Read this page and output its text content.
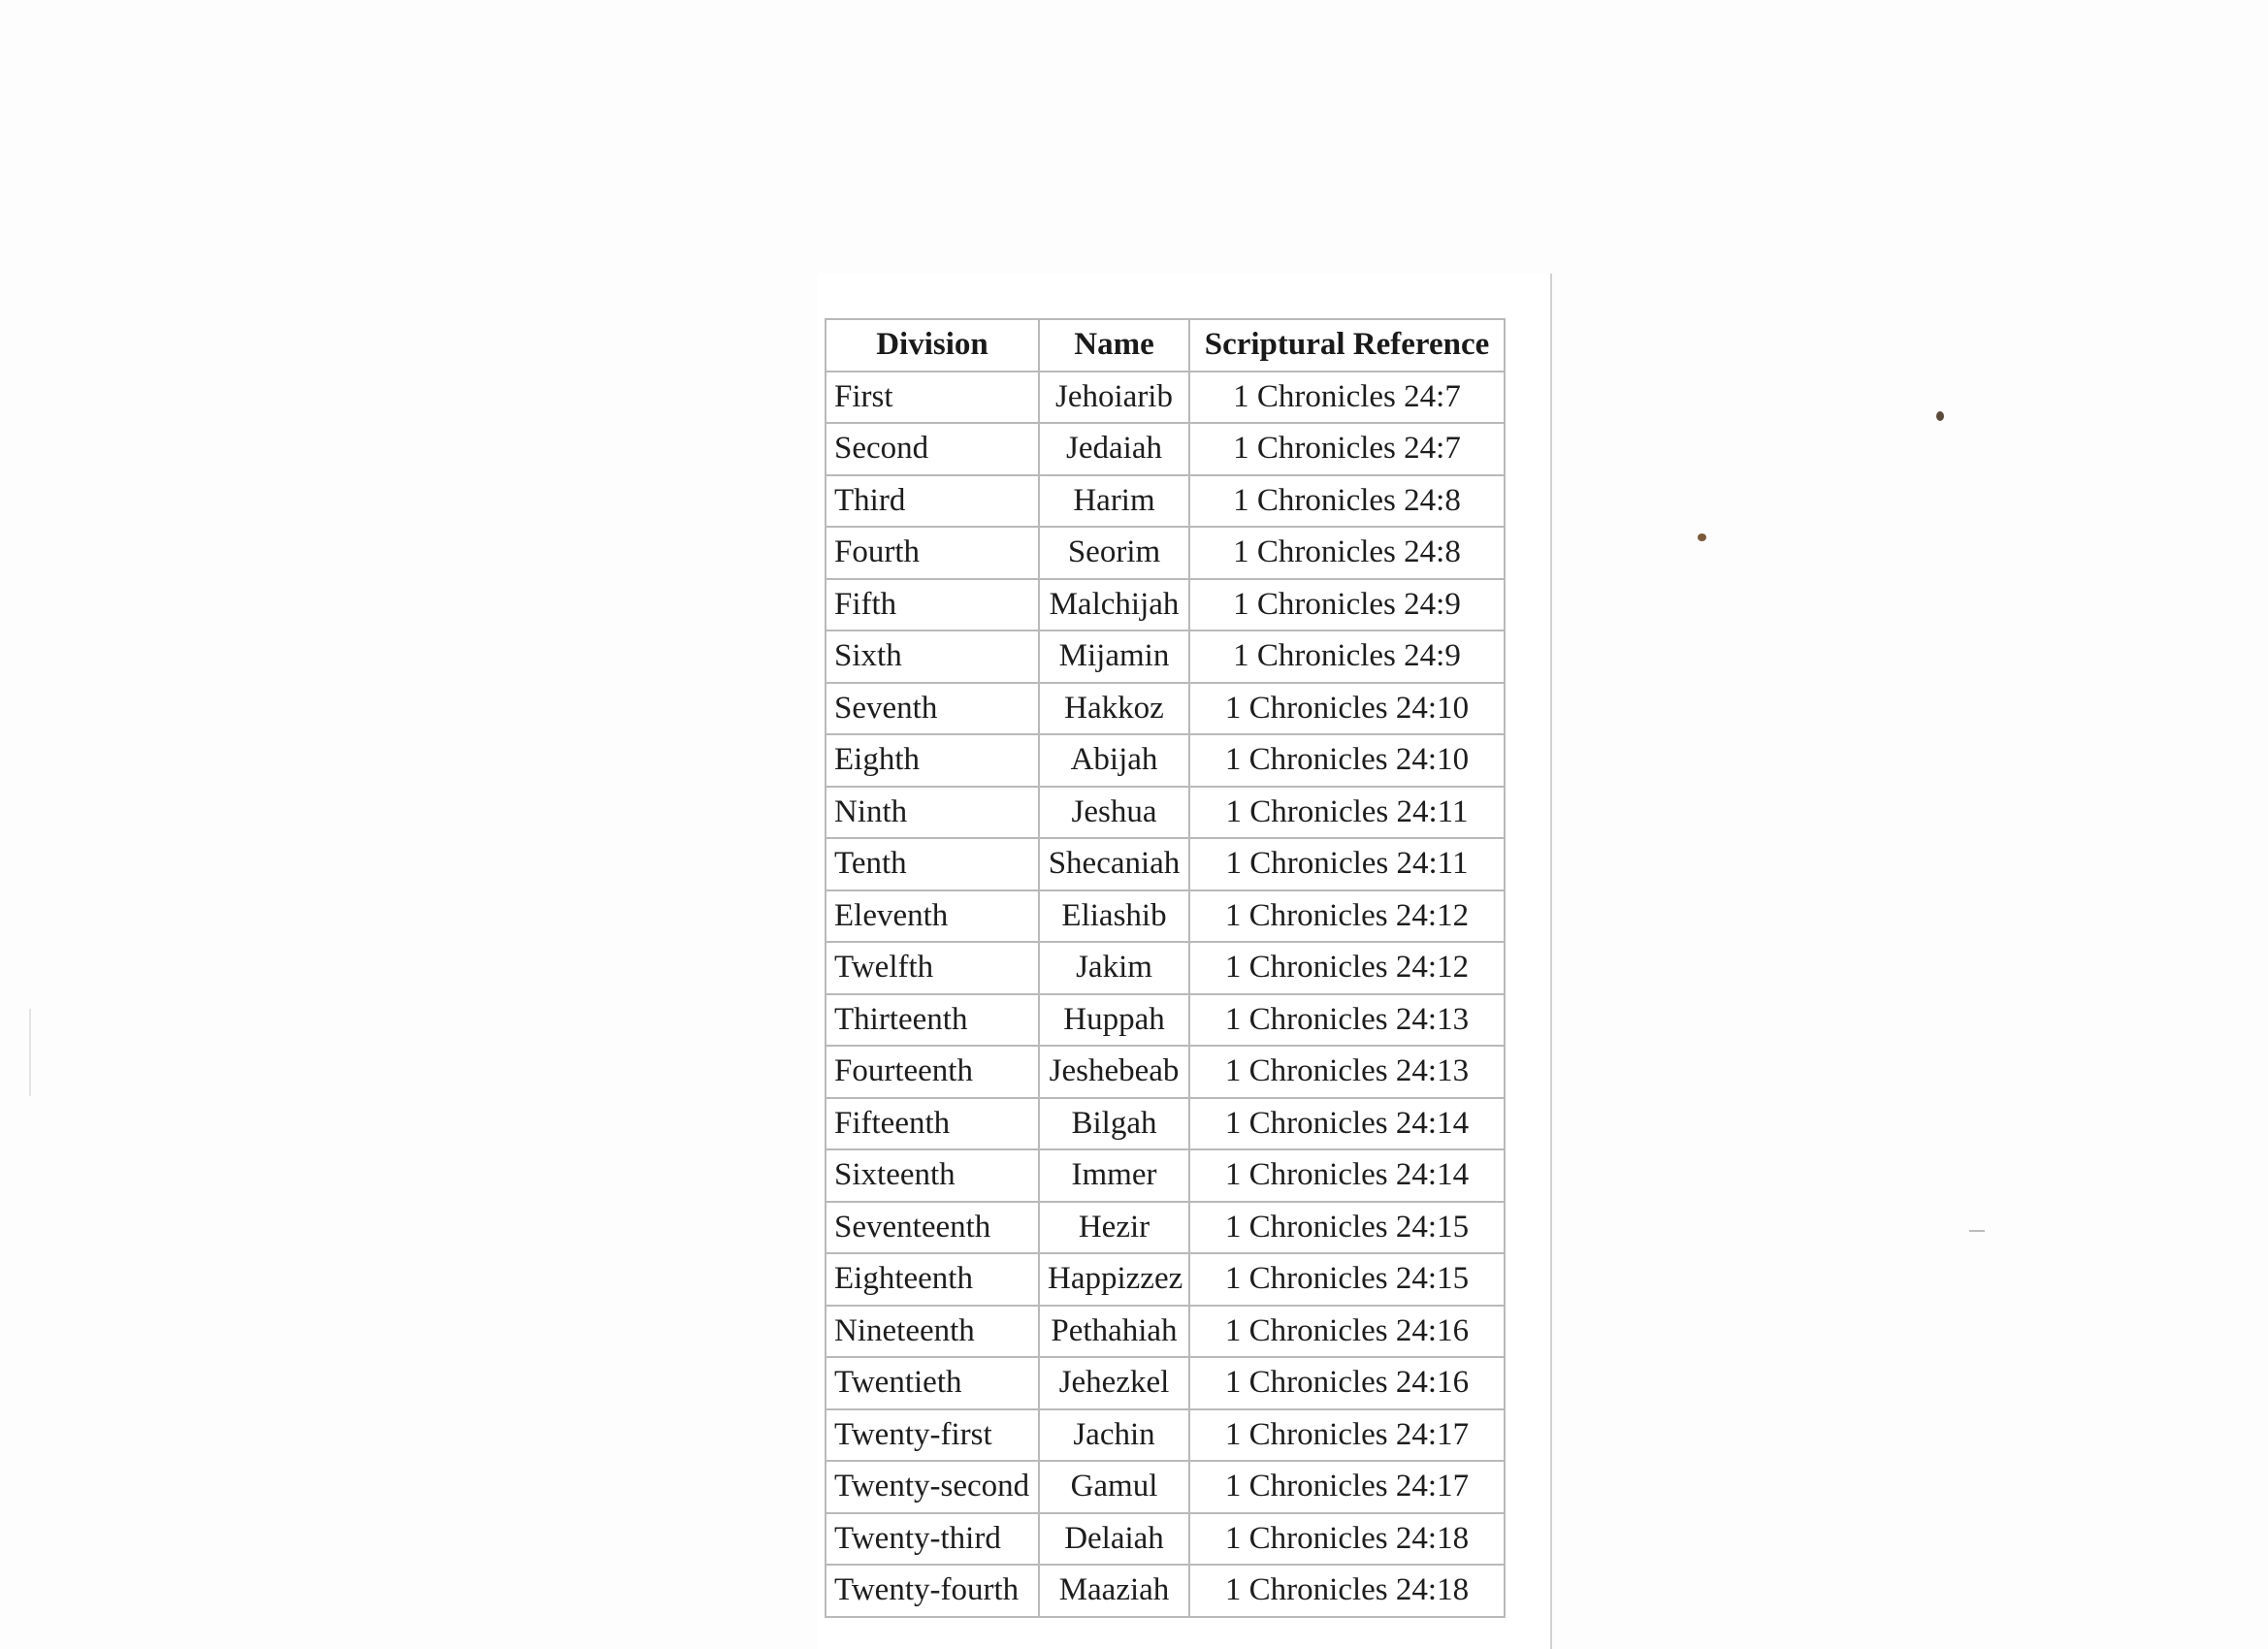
Division	Name	Scriptural Reference
First	Jehoiarib	1 Chronicles 24:7
Second	Jedaiah	1 Chronicles 24:7
Third	Harim	1 Chronicles 24:8
Fourth	Seorim	1 Chronicles 24:8
Fifth	Malchijah	1 Chronicles 24:9
Sixth	Mijamin	1 Chronicles 24:9
Seventh	Hakkoz	1 Chronicles 24:10
Eighth	Abijah	1 Chronicles 24:10
Ninth	Jeshua	1 Chronicles 24:11
Tenth	Shecaniah	1 Chronicles 24:11
Eleventh	Eliashib	1 Chronicles 24:12
Twelfth	Jakim	1 Chronicles 24:12
Thirteenth	Huppah	1 Chronicles 24:13
Fourteenth	Jeshebeab	1 Chronicles 24:13
Fifteenth	Bilgah	1 Chronicles 24:14
Sixteenth	Immer	1 Chronicles 24:14
Seventeenth	Hezir	1 Chronicles 24:15
Eighteenth	Happizzez	1 Chronicles 24:15
Nineteenth	Pethahiah	1 Chronicles 24:16
Twentieth	Jehezkel	1 Chronicles 24:16
Twenty-first	Jachin	1 Chronicles 24:17
Twenty-second	Gamul	1 Chronicles 24:17
Twenty-third	Delaiah	1 Chronicles 24:18
Twenty-fourth	Maaziah	1 Chronicles 24:18
